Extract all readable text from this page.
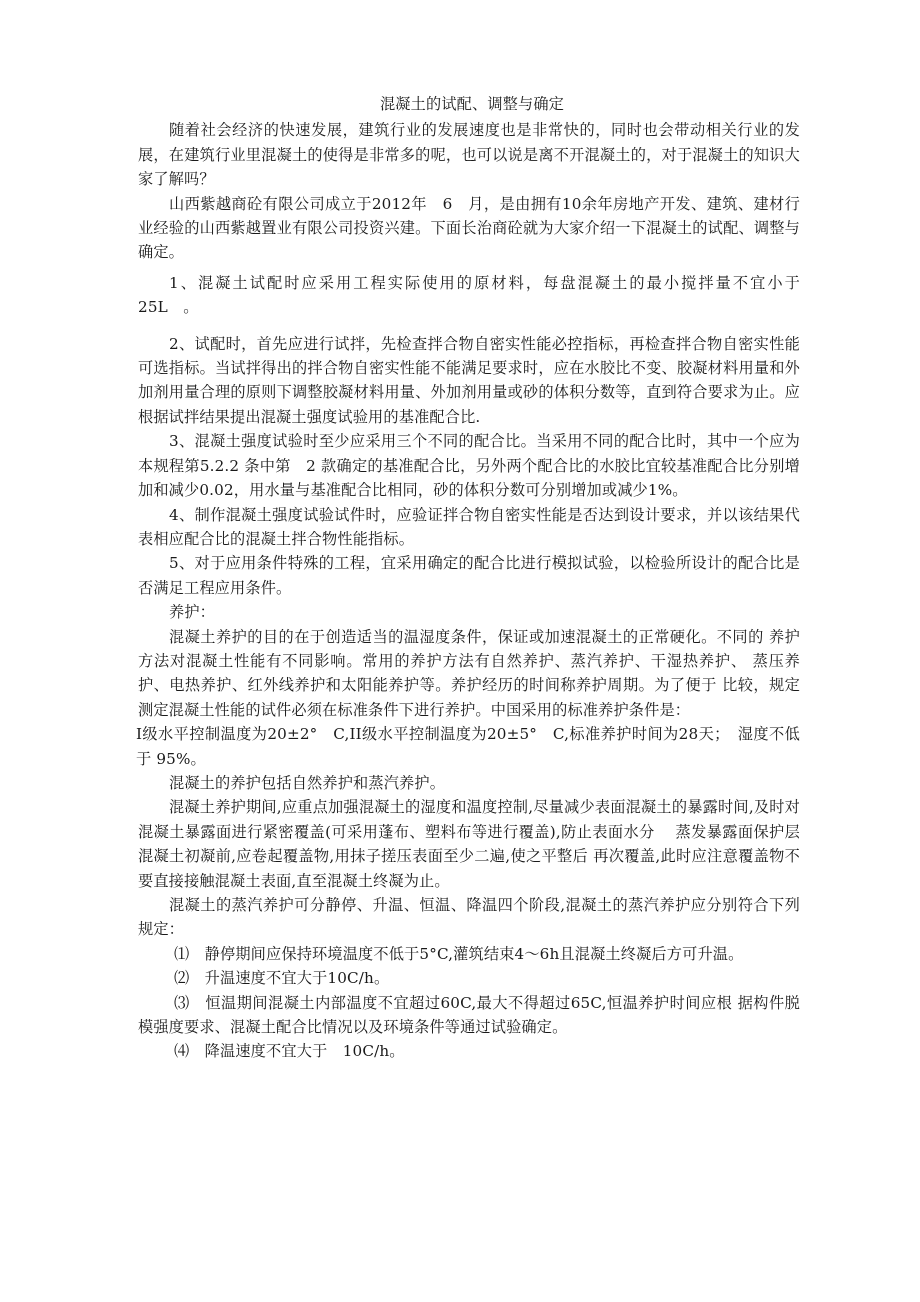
混凝土的试配、调整与确定

随着社会经济的快速发展，建筑行业的发展速度也是非常快的，同时也会带动相关行业的发展，在建筑行业里混凝土的使得是非常多的呢，也可以说是离不开混凝土的，对于混凝土的知识大家了解吗？

山西紫越商砼有限公司成立于2012年　6　月，是由拥有10余年房地产开发、建筑、建材行业经验的山西紫越置业有限公司投资兴建。下面长治商砼就为大家介绍一下混凝土的试配、调整与确定。

1、混凝土试配时应采用工程实际使用的原材料，每盘混凝土的最小搅拌量不宜小于　25L　。

2、试配时，首先应进行试拌，先检查拌合物自密实性能必控指标，再检查拌合物自密实性能可选指标。当试拌得出的拌合物自密实性能不能满足要求时，应在水胶比不变、胶凝材料用量和外加剂用量合理的原则下调整胶凝材料用量、外加剂用量或砂的体积分数等，直到符合要求为止。应根据试拌结果提出混凝土强度试验用的基准配合比.

3、混凝土强度试验时至少应采用三个不同的配合比。当采用不同的配合比时，其中一个应为本规程第5.2.2 条中第　2 款确定的基准配合比，另外两个配合比的水胶比宜较基准配合比分别增加和减少0.02，用水量与基准配合比相同，砂的体积分数可分别增加或减少1%。

4、制作混凝土强度试验试件时，应验证拌合物自密实性能是否达到设计要求，并以该结果代表相应配合比的混凝土拌合物性能指标。

5、对于应用条件特殊的工程，宜采用确定的配合比进行模拟试验，以检验所设计的配合比是否满足工程应用条件。

养护：

混凝土养护的目的在于创造适当的温湿度条件，保证或加速混凝土的正常硬化。不同的 养护方法对混凝土性能有不同影响。常用的养护方法有自然养护、蒸汽养护、干湿热养护、 蒸压养护、电热养护、红外线养护和太阳能养护等。养护经历的时间称养护周期。为了便于 比较，规定测定混凝土性能的试件必须在标准条件下进行养护。中国采用的标准养护条件是：

I级水平控制温度为20±2°　C,II级水平控制温度为20±5°　C,标准养护时间为28天；　湿度不低于 95%。

混凝土的养护包括自然养护和蒸汽养护。

混凝土养护期间,应重点加强混凝土的湿度和温度控制,尽量减少表面混凝土的暴露时间,及时对混凝土暴露面进行紧密覆盖(可采用蓬布、塑料布等进行覆盖),防止表面水分　 蒸发暴露面保护层混凝土初凝前,应卷起覆盖物,用抹子搓压表面至少二遍,使之平整后 再次覆盖,此时应注意覆盖物不要直接接触混凝土表面,直至混凝土终凝为止。

混凝土的蒸汽养护可分静停、升温、恒温、降温四个阶段,混凝土的蒸汽养护应分别符合下列规定：

⑴　静停期间应保持环境温度不低于5°C,灌筑结束4〜6h且混凝土终凝后方可升温。

⑵　升温速度不宜大于10C/h。

⑶　恒温期间混凝土内部温度不宜超过60C,最大不得超过65C,恒温养护时间应根 据构件脱模强度要求、混凝土配合比情况以及环境条件等通过试验确定。

⑷　降温速度不宜大于　10C/h。
